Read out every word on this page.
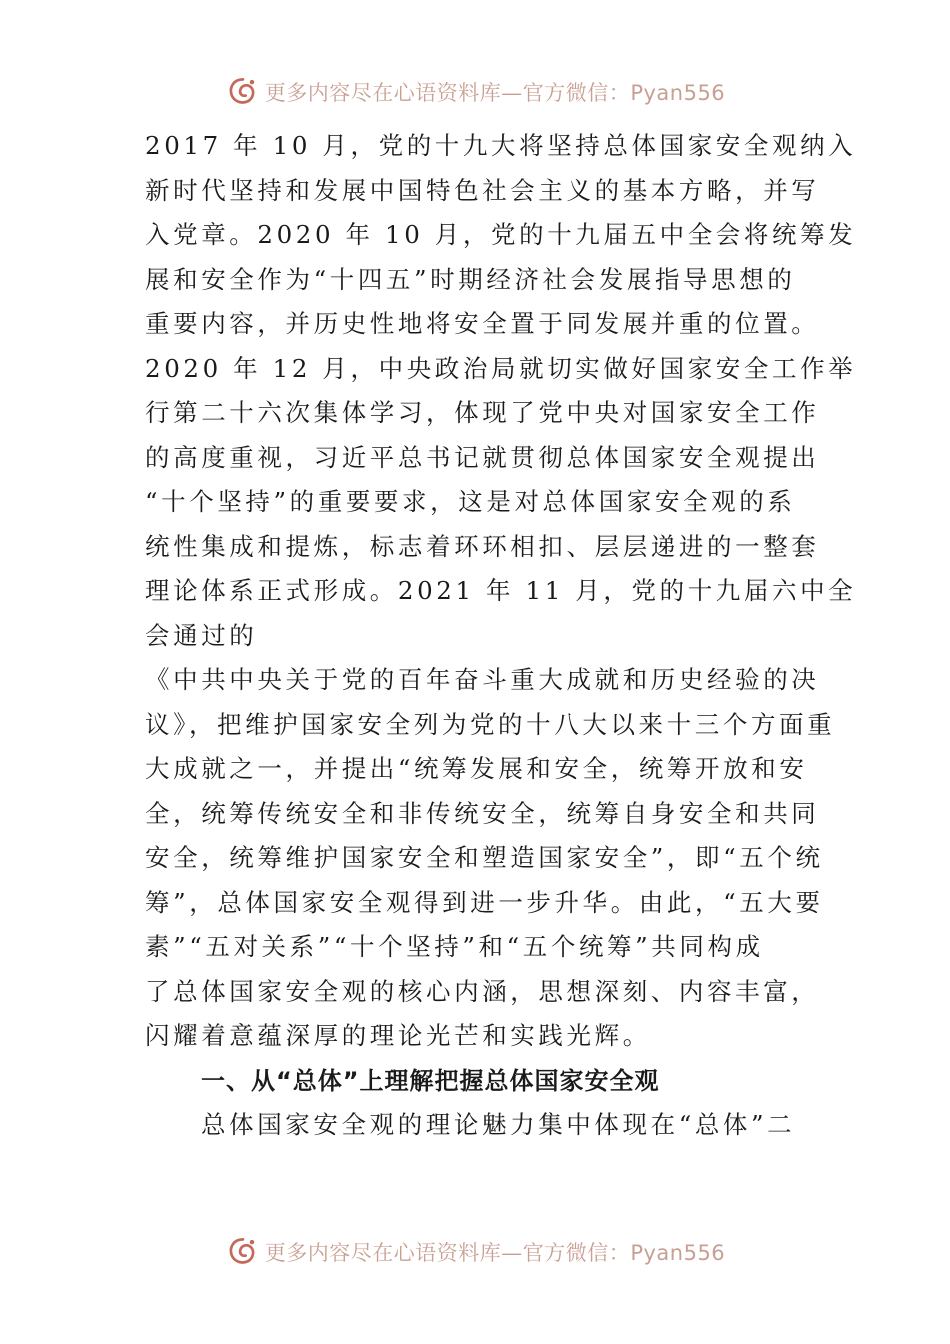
更多内容尽在心语资料库—官方微信：Pyan556
2017 年 10 月，党的十九大将坚持总体国家安全观纳入
新时代坚持和发展中国特色社会主义的基本方略，并写
入党章。2020 年 10 月，党的十九届五中全会将统筹发
展和安全作为“十四五”时期经济社会发展指导思想的
重要内容，并历史性地将安全置于同发展并重的位置。
2020 年 12 月，中央政治局就切实做好国家安全工作举
行第二十六次集体学习，体现了党中央对国家安全工作
的高度重视，习近平总书记就贯彻总体国家安全观提出
“十个坚持”的重要要求，这是对总体国家安全观的系
统性集成和提炼，标志着环环相扣、层层递进的一整套
理论体系正式形成。2021 年 11 月，党的十九届六中全
会通过的
《中共中央关于党的百年奋斗重大成就和历史经验的决
议》，把维护国家安全列为党的十八大以来十三个方面重
大成就之一，并提出“统筹发展和安全，统筹开放和安
全，统筹传统安全和非传统安全，统筹自身安全和共同
安全，统筹维护国家安全和塑造国家安全”，即“五个统
筹”，总体国家安全观得到进一步升华。由此，“五大要
素”“五对关系”“十个坚持”和“五个统筹”共同构成
了总体国家安全观的核心内涵，思想深刻、内容丰富，
闪耀着意蕴深厚的理论光芒和实践光辉。
一、从“总体”上理解把握总体国家安全观
总体国家安全观的理论魅力集中体现在“总体”二
更多内容尽在心语资料库—官方微信：Pyan556
